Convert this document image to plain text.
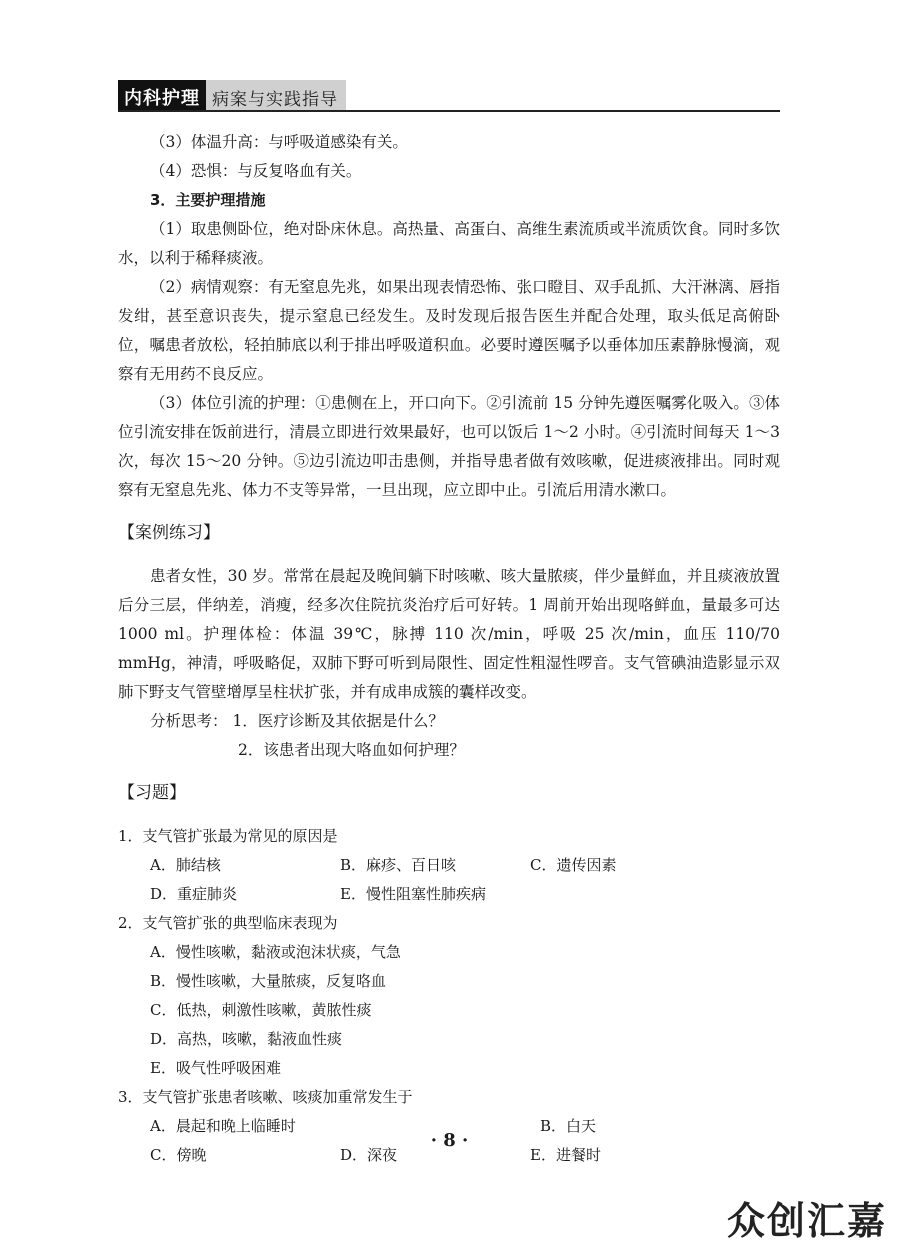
内科护理 病案与实践指导

（3）体温升高：与呼吸道感染有关。

（4）恐惧：与反复咯血有关。

3．主要护理措施

（1）取患侧卧位，绝对卧床休息。高热量、高蛋白、高维生素流质或半流质饮食。同时多饮水，以利于稀释痰液。

（2）病情观察：有无窒息先兆，如果出现表情恐怖、张口瞪目、双手乱抓、大汗淋漓、唇指发绀，甚至意识丧失，提示窒息已经发生。及时发现后报告医生并配合处理，取头低足高俯卧位，嘱患者放松，轻拍肺底以利于排出呼吸道积血。必要时遵医嘱予以垂体加压素静脉慢滴，观察有无用药不良反应。

（3）体位引流的护理：①患侧在上，开口向下。②引流前 15 分钟先遵医嘱雾化吸入。③体位引流安排在饭前进行，清晨立即进行效果最好，也可以饭后 1～2 小时。④引流时间每天 1～3 次，每次 15～20 分钟。⑤边引流边叩击患侧，并指导患者做有效咳嗽，促进痰液排出。同时观察有无窒息先兆、体力不支等异常，一旦出现，应立即中止。引流后用清水漱口。

【案例练习】

患者女性，30 岁。常常在晨起及晚间躺下时咳嗽、咳大量脓痰，伴少量鲜血，并且痰液放置后分三层，伴纳差，消瘦，经多次住院抗炎治疗后可好转。1 周前开始出现咯鲜血，量最多可达 1000 ml。护理体检：体温 39℃，脉搏 110 次/min，呼吸 25 次/min，血压 110/70 mmHg，神清，呼吸略促，双肺下野可听到局限性、固定性粗湿性啰音。支气管碘油造影显示双肺下野支气管壁增厚呈柱状扩张，并有成串成簇的囊样改变。

分析思考： 1．医疗诊断及其依据是什么？
2．该患者出现大咯血如何护理？
【习题】

1．支气管扩张最为常见的原因是

A．肺结核	B．麻疹、百日咳	C．遗传因素
D．重症肺炎	E．慢性阻塞性肺疾病

2．支气管扩张的典型临床表现为

A．慢性咳嗽，黏液或泡沫状痰，气急
B．慢性咳嗽，大量脓痰，反复咯血
C．低热，刺激性咳嗽，黄脓性痰
D．高热，咳嗽，黏液血性痰
E．吸气性呼吸困难

3．支气管扩张患者咳嗽、咳痰加重常发生于

A．晨起和晚上临睡时	B．白天
C．傍晚	D．深夜	E．进餐时
· 8 ·
众创汇嘉
